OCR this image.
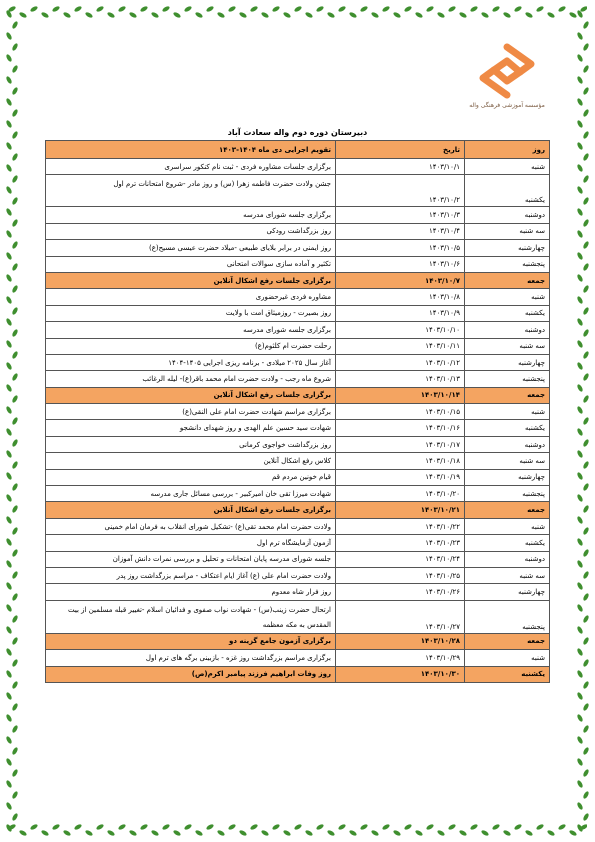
مؤسسه آموزشی فرهنگی واله
دبیرستان دوره دوم واله سعادت آباد
روز	تاریخ	تقویم اجرایی دی ماه ۱۴۰۴-۱۴۰۳
شنبه	۱۴۰۳/۱۰/۱	برگزاری جلسات مشاوره فردی - ثبت نام کنکور سراسری
یکشنبه	۱۴۰۳/۱۰/۲	جشن ولادت حضرت فاطمه زهرا (س) و روز مادر -شروع امتحانات ترم اول
دوشنبه	۱۴۰۳/۱۰/۳	برگزاری جلسه شورای مدرسه
سه شنبه	۱۴۰۳/۱۰/۴	روز بزرگداشت رودکی
چهارشنبه	۱۴۰۳/۱۰/۵	روز ایمنی در برابر بلایای طبیعی -میلاد حضرت عیسی مسیح(ع)
پنجشنبه	۱۴۰۳/۱۰/۶	تکثیر و آماده سازی سوالات امتحانی
جمعه	۱۴۰۳/۱۰/۷	برگزاری جلسات رفع اشکال آنلاین
شنبه	۱۴۰۳/۱۰/۸	مشاوره فردی غیرحضوری
یکشنبه	۱۴۰۳/۱۰/۹	روز بصیرت - روزمیثاق امت با ولایت
دوشنبه	۱۴۰۳/۱۰/۱۰	برگزاری جلسه شورای مدرسه
سه شنبه	۱۴۰۳/۱۰/۱۱	رحلت حضرت ام کلثوم(ع)
چهارشنبه	۱۴۰۳/۱۰/۱۲	آغاز سال ۲۰۲۵ میلادی - برنامه ریزی اجرایی ۱۴۰۵-۱۴۰۴
پنجشنبه	۱۴۰۳/۱۰/۱۳	شروع ماه رجب - ولادت حضرت امام محمد باقر(ع)- لیله الرغائب
جمعه	۱۴۰۳/۱۰/۱۴	برگزاری جلسات رفع اشکال آنلاین
شنبه	۱۴۰۳/۱۰/۱۵	برگزاری مراسم شهادت حضرت امام علی النقی(ع)
یکشنبه	۱۴۰۳/۱۰/۱۶	شهادت سید حسین علم الهدی و روز شهدای دانشجو
دوشنبه	۱۴۰۳/۱۰/۱۷	روز بزرگداشت خواجوی کرمانی
سه شنبه	۱۴۰۳/۱۰/۱۸	کلاس رفع اشکال آنلاین
چهارشنبه	۱۴۰۳/۱۰/۱۹	قیام خونین مردم قم
پنجشنبه	۱۴۰۳/۱۰/۲۰	شهادت میرزا تقی خان امیرکبیر - بررسی مسائل جاری مدرسه
جمعه	۱۴۰۳/۱۰/۲۱	برگزاری جلسات رفع اشکال آنلاین
شنبه	۱۴۰۳/۱۰/۲۲	ولادت حضرت امام محمد تقی(ع) -تشکیل شورای انقلاب به فرمان امام خمینی
یکشنبه	۱۴۰۳/۱۰/۲۳	آزمون آزمایشگاه ترم اول
دوشنبه	۱۴۰۳/۱۰/۲۴	جلسه شورای مدرسه پایان امتحانات و تحلیل و بررسی نمرات دانش آموزان
سه شنبه	۱۴۰۳/۱۰/۲۵	ولادت حضرت امام علی (ع) آغاز ایام اعتکاف - مراسم بزرگداشت روز پدر
چهارشنبه	۱۴۰۳/۱۰/۲۶	روز فرار شاه معدوم
پنجشنبه	۱۴۰۳/۱۰/۲۷	ارتحال حضرت زینب(س) - شهادت نواب صفوی و فدائیان اسلام -تغییر قبله مسلمین از بیت المقدس به مکه معظمه
جمعه	۱۴۰۳/۱۰/۲۸	برگزاری آزمون جامع گزینه دو
شنبه	۱۴۰۳/۱۰/۲۹	برگزاری مراسم بزرگداشت روز غزه - بازبینی برگه های ترم اول
یکشنبه	۱۴۰۳/۱۰/۳۰	روز وفات ابراهیم فرزند پیامبر اکرم(ص)
